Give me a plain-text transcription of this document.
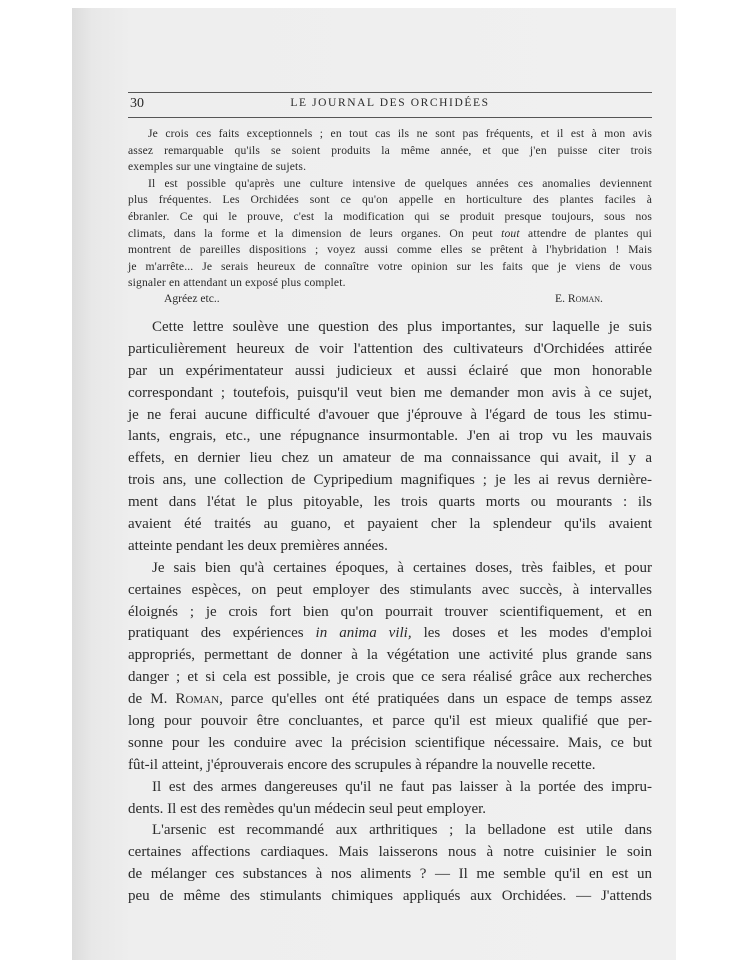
30	LE JOURNAL DES ORCHIDÉES
Je crois ces faits exceptionnels ; en tout cas ils ne sont pas fréquents, et il est à mon avis
assez remarquable qu'ils se soient produits la même année, et que j'en puisse citer trois
exemples sur une vingtaine de sujets.
Il est possible qu'après une culture intensive de quelques années ces anomalies deviennent
plus fréquentes. Les Orchidées sont ce qu'on appelle en horticulture des plantes faciles à
ébranler. Ce qui le prouve, c'est la modification qui se produit presque toujours, sous nos
climats, dans la forme et la dimension de leurs organes. On peut tout attendre de plantes qui
montrent de pareilles dispositions ; voyez aussi comme elles se prêtent à l'hybridation ! Mais
je m'arrête... Je serais heureux de connaître votre opinion sur les faits que je viens de vous
signaler en attendant un exposé plus complet.
Agréez etc..	E. Roman.
Cette lettre soulève une question des plus importantes, sur laquelle je suis
particulièrement heureux de voir l'attention des cultivateurs d'Orchidées attirée
par un expérimentateur aussi judicieux et aussi éclairé que mon honorable
correspondant ; toutefois, puisqu'il veut bien me demander mon avis à ce sujet,
je ne ferai aucune difficulté d'avouer que j'éprouve à l'égard de tous les stimu-
lants, engrais, etc., une répugnance insurmontable. J'en ai trop vu les mauvais
effets, en dernier lieu chez un amateur de ma connaissance qui avait, il y a
trois ans, une collection de Cypripedium magnifiques ; je les ai revus dernière-
ment dans l'état le plus pitoyable, les trois quarts morts ou mourants : ils
avaient été traités au guano, et payaient cher la splendeur qu'ils avaient
atteinte pendant les deux premières années.
Je sais bien qu'à certaines époques, à certaines doses, très faibles, et pour
certaines espèces, on peut employer des stimulants avec succès, à intervalles
éloignés ; je crois fort bien qu'on pourrait trouver scientifiquement, et en
pratiquant des expériences in anima vili, les doses et les modes d'emploi
appropriés, permettant de donner à la végétation une activité plus grande sans
danger ; et si cela est possible, je crois que ce sera réalisé grâce aux recherches
de M. Roman, parce qu'elles ont été pratiquées dans un espace de temps assez
long pour pouvoir être concluantes, et parce qu'il est mieux qualifié que per-
sonne pour les conduire avec la précision scientifique nécessaire. Mais, ce but
fût-il atteint, j'éprouverais encore des scrupules à répandre la nouvelle recette.
Il est des armes dangereuses qu'il ne faut pas laisser à la portée des impru-
dents. Il est des remèdes qu'un médecin seul peut employer.
L'arsenic est recommandé aux arthritiques ; la belladone est utile dans
certaines affections cardiaques. Mais laisserons nous à notre cuisinier le soin
de mélanger ces substances à nos aliments ? — Il me semble qu'il en est un
peu de même des stimulants chimiques appliqués aux Orchidées. — J'attends
